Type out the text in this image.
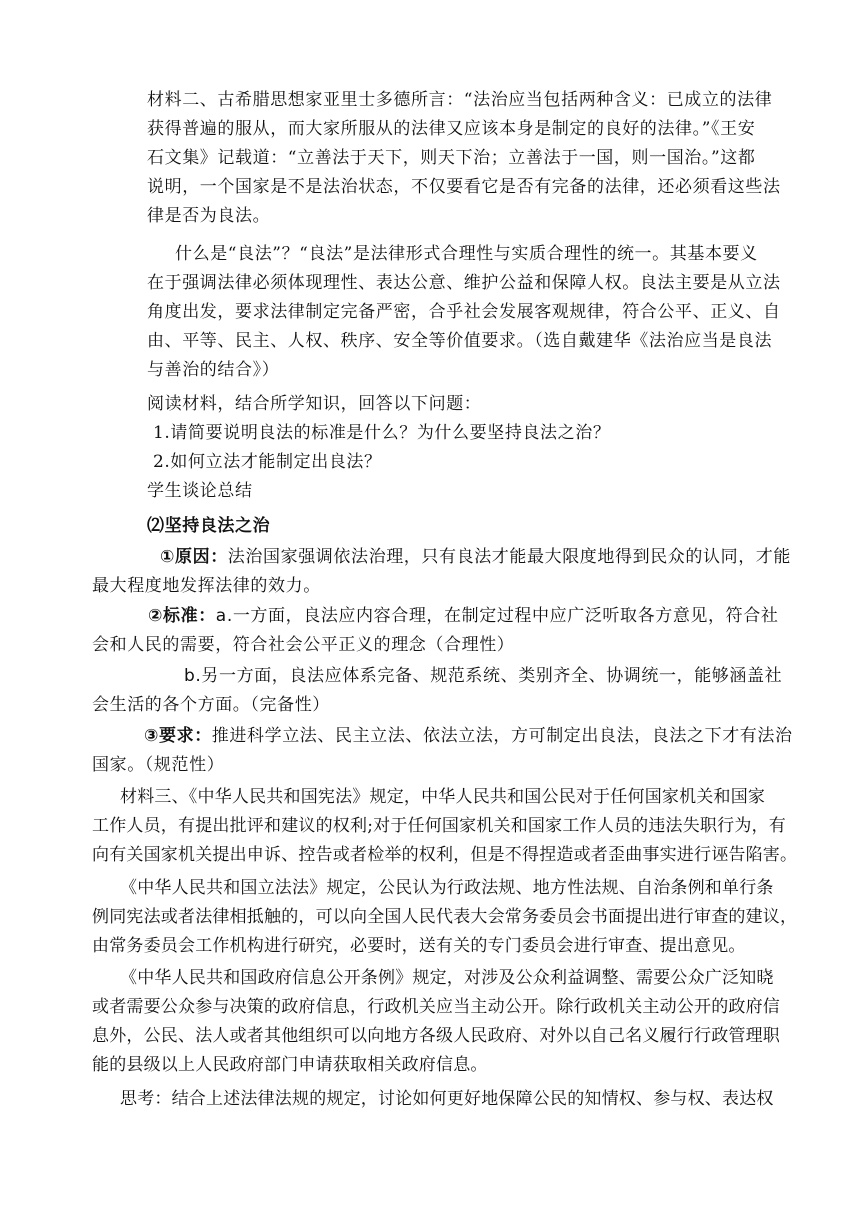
材料二、古希腊思想家亚里士多德所言：“法治应当包括两种含义：已成立的法律
获得普遍的服从，而大家所服从的法律又应该本身是制定的良好的法律。”《王安
石文集》记载道：“立善法于天下，则天下治；立善法于一国，则一国治。”这都
说明，一个国家是不是法治状态，不仅要看它是否有完备的法律，还必须看这些法
律是否为良法。
什么是“良法”？“良法”是法律形式合理性与实质合理性的统一。其基本要义
在于强调法律必须体现理性、表达公意、维护公益和保障人权。良法主要是从立法
角度出发，要求法律制定完备严密，合乎社会发展客观规律，符合公平、正义、自
由、平等、民主、人权、秩序、安全等价值要求。（选自戴建华《法治应当是良法
与善治的结合》）
阅读材料，结合所学知识，回答以下问题：
1.请简要说明良法的标准是什么？为什么要坚持良法之治？
2.如何立法才能制定出良法？
学生谈论总结
⑵坚持良法之治
①原因：法治国家强调依法治理，只有良法才能最大限度地得到民众的认同，才能
最大程度地发挥法律的效力。
②标准：a.一方面，良法应内容合理，在制定过程中应广泛听取各方意见，符合社
会和人民的需要，符合社会公平正义的理念（合理性）
b.另一方面，良法应体系完备、规范系统、类别齐全、协调统一，能够涵盖社
会生活的各个方面。（完备性）
③要求：推进科学立法、民主立法、依法立法，方可制定出良法，良法之下才有法治
国家。（规范性）
材料三、《中华人民共和国宪法》规定，中华人民共和国公民对于任何国家机关和国家
工作人员，有提出批评和建议的权利;对于任何国家机关和国家工作人员的违法失职行为，有
向有关国家机关提出申诉、控告或者检举的权利，但是不得捏造或者歪曲事实进行诬告陷害。
《中华人民共和国立法法》规定，公民认为行政法规、地方性法规、自治条例和单行条
例同宪法或者法律相抵触的，可以向全国人民代表大会常务委员会书面提出进行审查的建议，
由常务委员会工作机构进行研究，必要时，送有关的专门委员会进行审查、提出意见。
《中华人民共和国政府信息公开条例》规定，对涉及公众利益调整、需要公众广泛知晓
或者需要公众参与决策的政府信息，行政机关应当主动公开。除行政机关主动公开的政府信
息外，公民、法人或者其他组织可以向地方各级人民政府、对外以自己名义履行行政管理职
能的县级以上人民政府部门申请获取相关政府信息。
思考：结合上述法律法规的规定，讨论如何更好地保障公民的知情权、参与权、表达权
